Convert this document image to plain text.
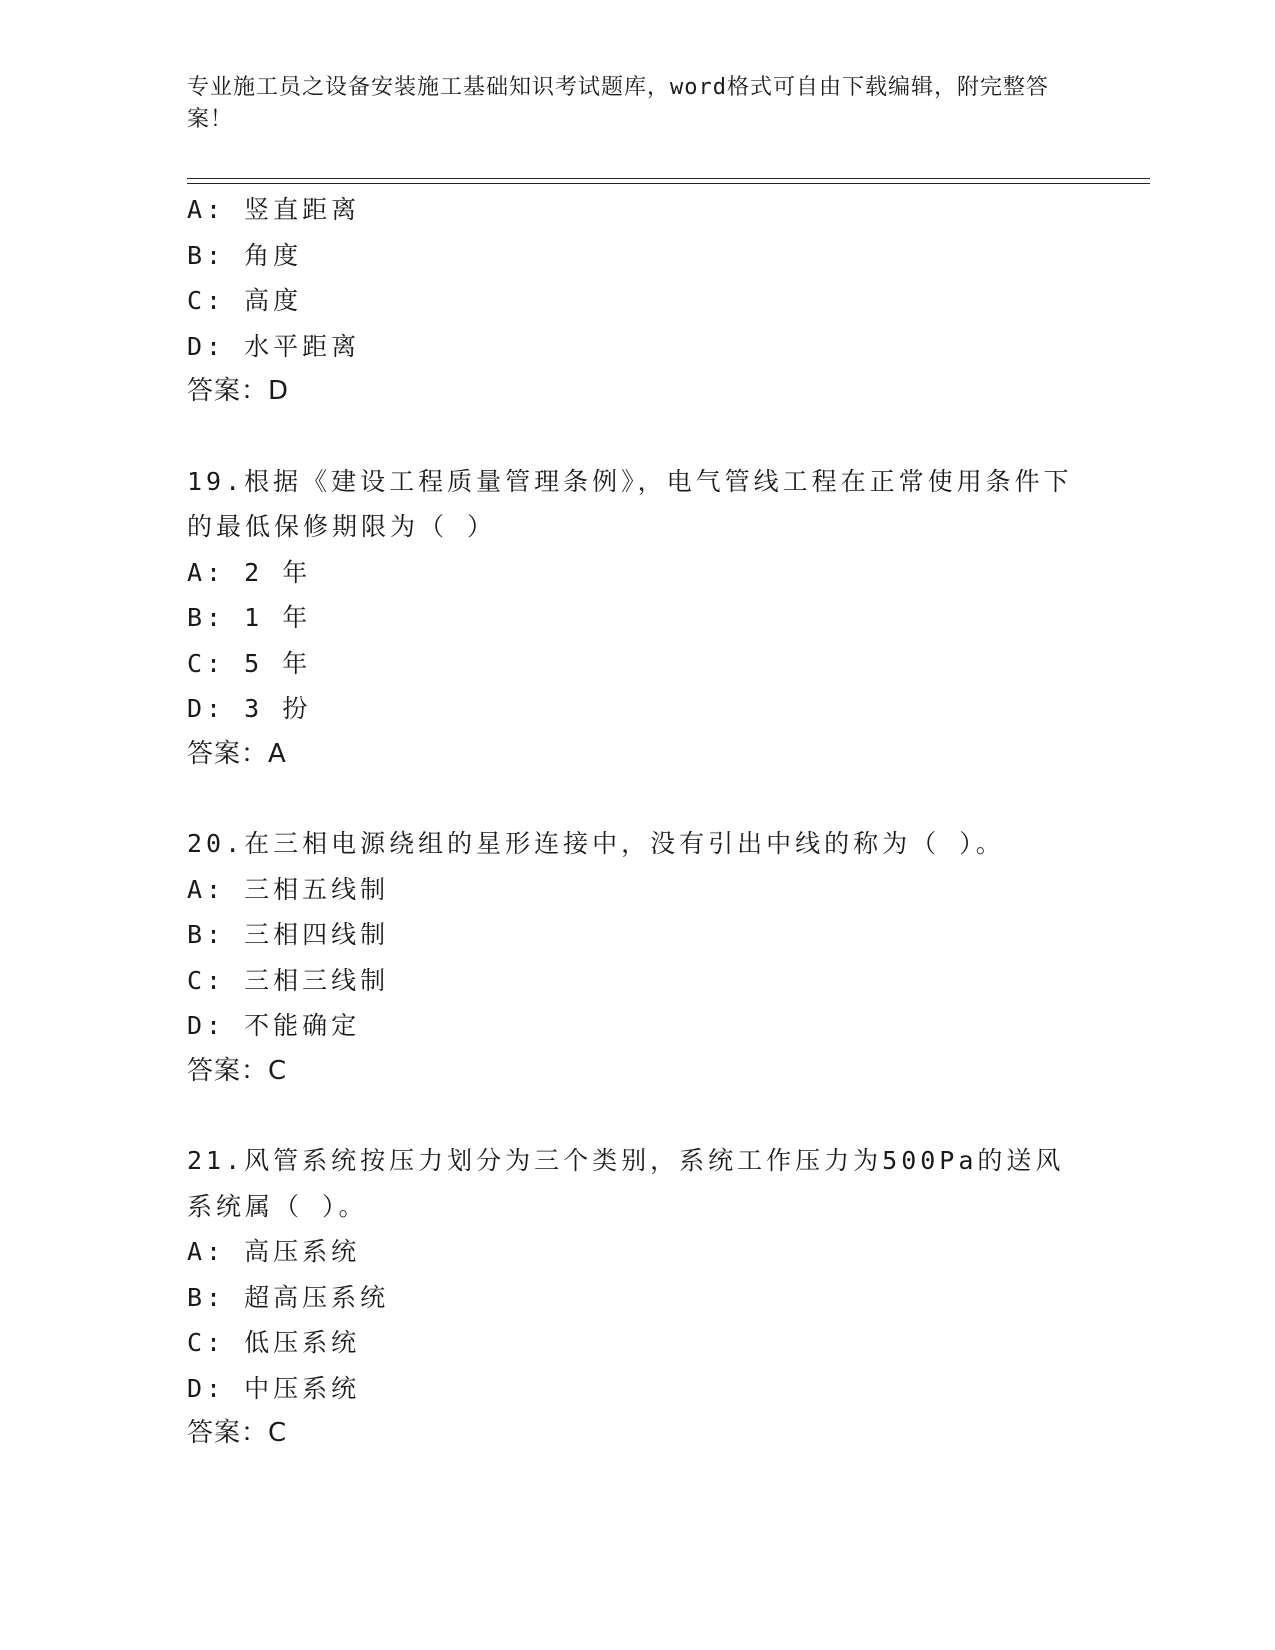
专业施工员之设备安装施工基础知识考试题库，word格式可自由下载编辑，附完整答案！
A: 竖直距离
B: 角度
C: 高度
D: 水平距离
答案：D
19.根据《建设工程质量管理条例》，电气管线工程在正常使用条件下的最低保修期限为（ ）
A: 2 年
B: 1 年
C: 5 年
D: 3 扮
答案：A
20.在三相电源绕组的星形连接中，没有引出中线的称为（ ）。
A: 三相五线制
B: 三相四线制
C: 三相三线制
D: 不能确定
答案：C
21.风管系统按压力划分为三个类别，系统工作压力为500Pa的送风系统属（ ）。
A: 高压系统
B: 超高压系统
C: 低压系统
D: 中压系统
答案：C
